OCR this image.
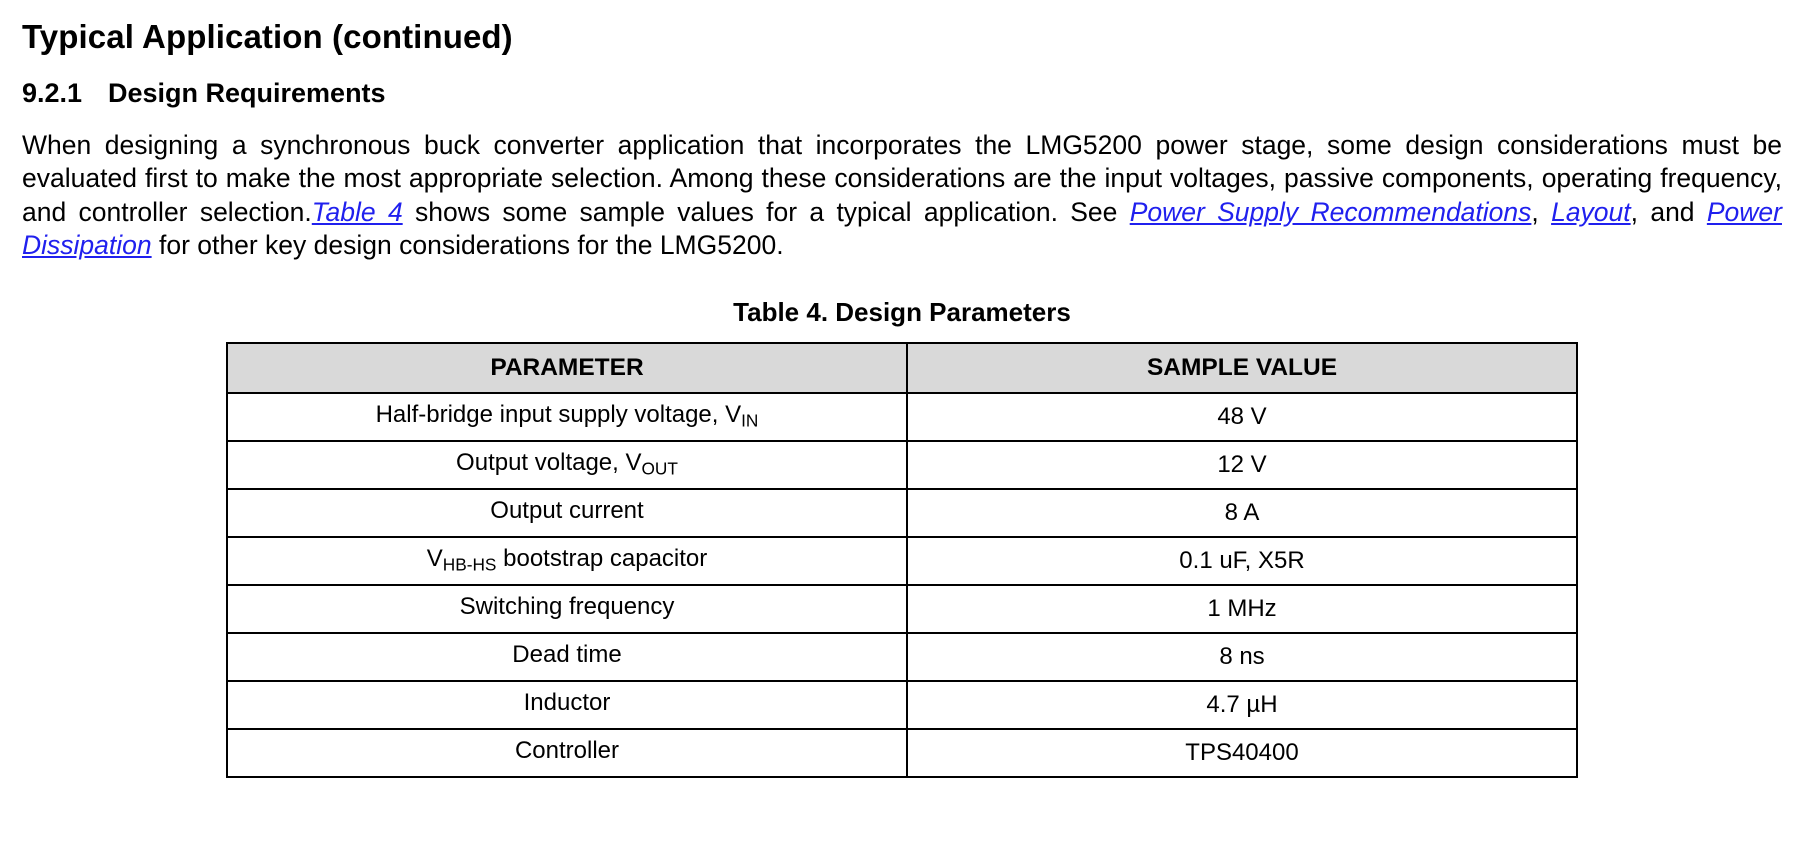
Typical Application (continued)
9.2.1 Design Requirements

When designing a synchronous buck converter application that incorporates the LMG5200 power stage, some design considerations must be evaluated first to make the most appropriate selection. Among these considerations are the input voltages, passive components, operating frequency, and controller selection.Table 4 shows some sample values for a typical application. See Power Supply Recommendations, Layout, and Power Dissipation for other key design considerations for the LMG5200.

Table 4. Design Parameters
PARAMETER	SAMPLE VALUE
Half-bridge input supply voltage, $V_{IN}$	48 V
Output voltage, $V_{OUT}$	12 V
Output current	8 A
$V_{HB-HS}$ bootstrap capacitor	0.1 uF, X5R
Switching frequency	1 MHz
Dead time	8 ns
Inductor	4.7 µH
Controller	TPS40400
